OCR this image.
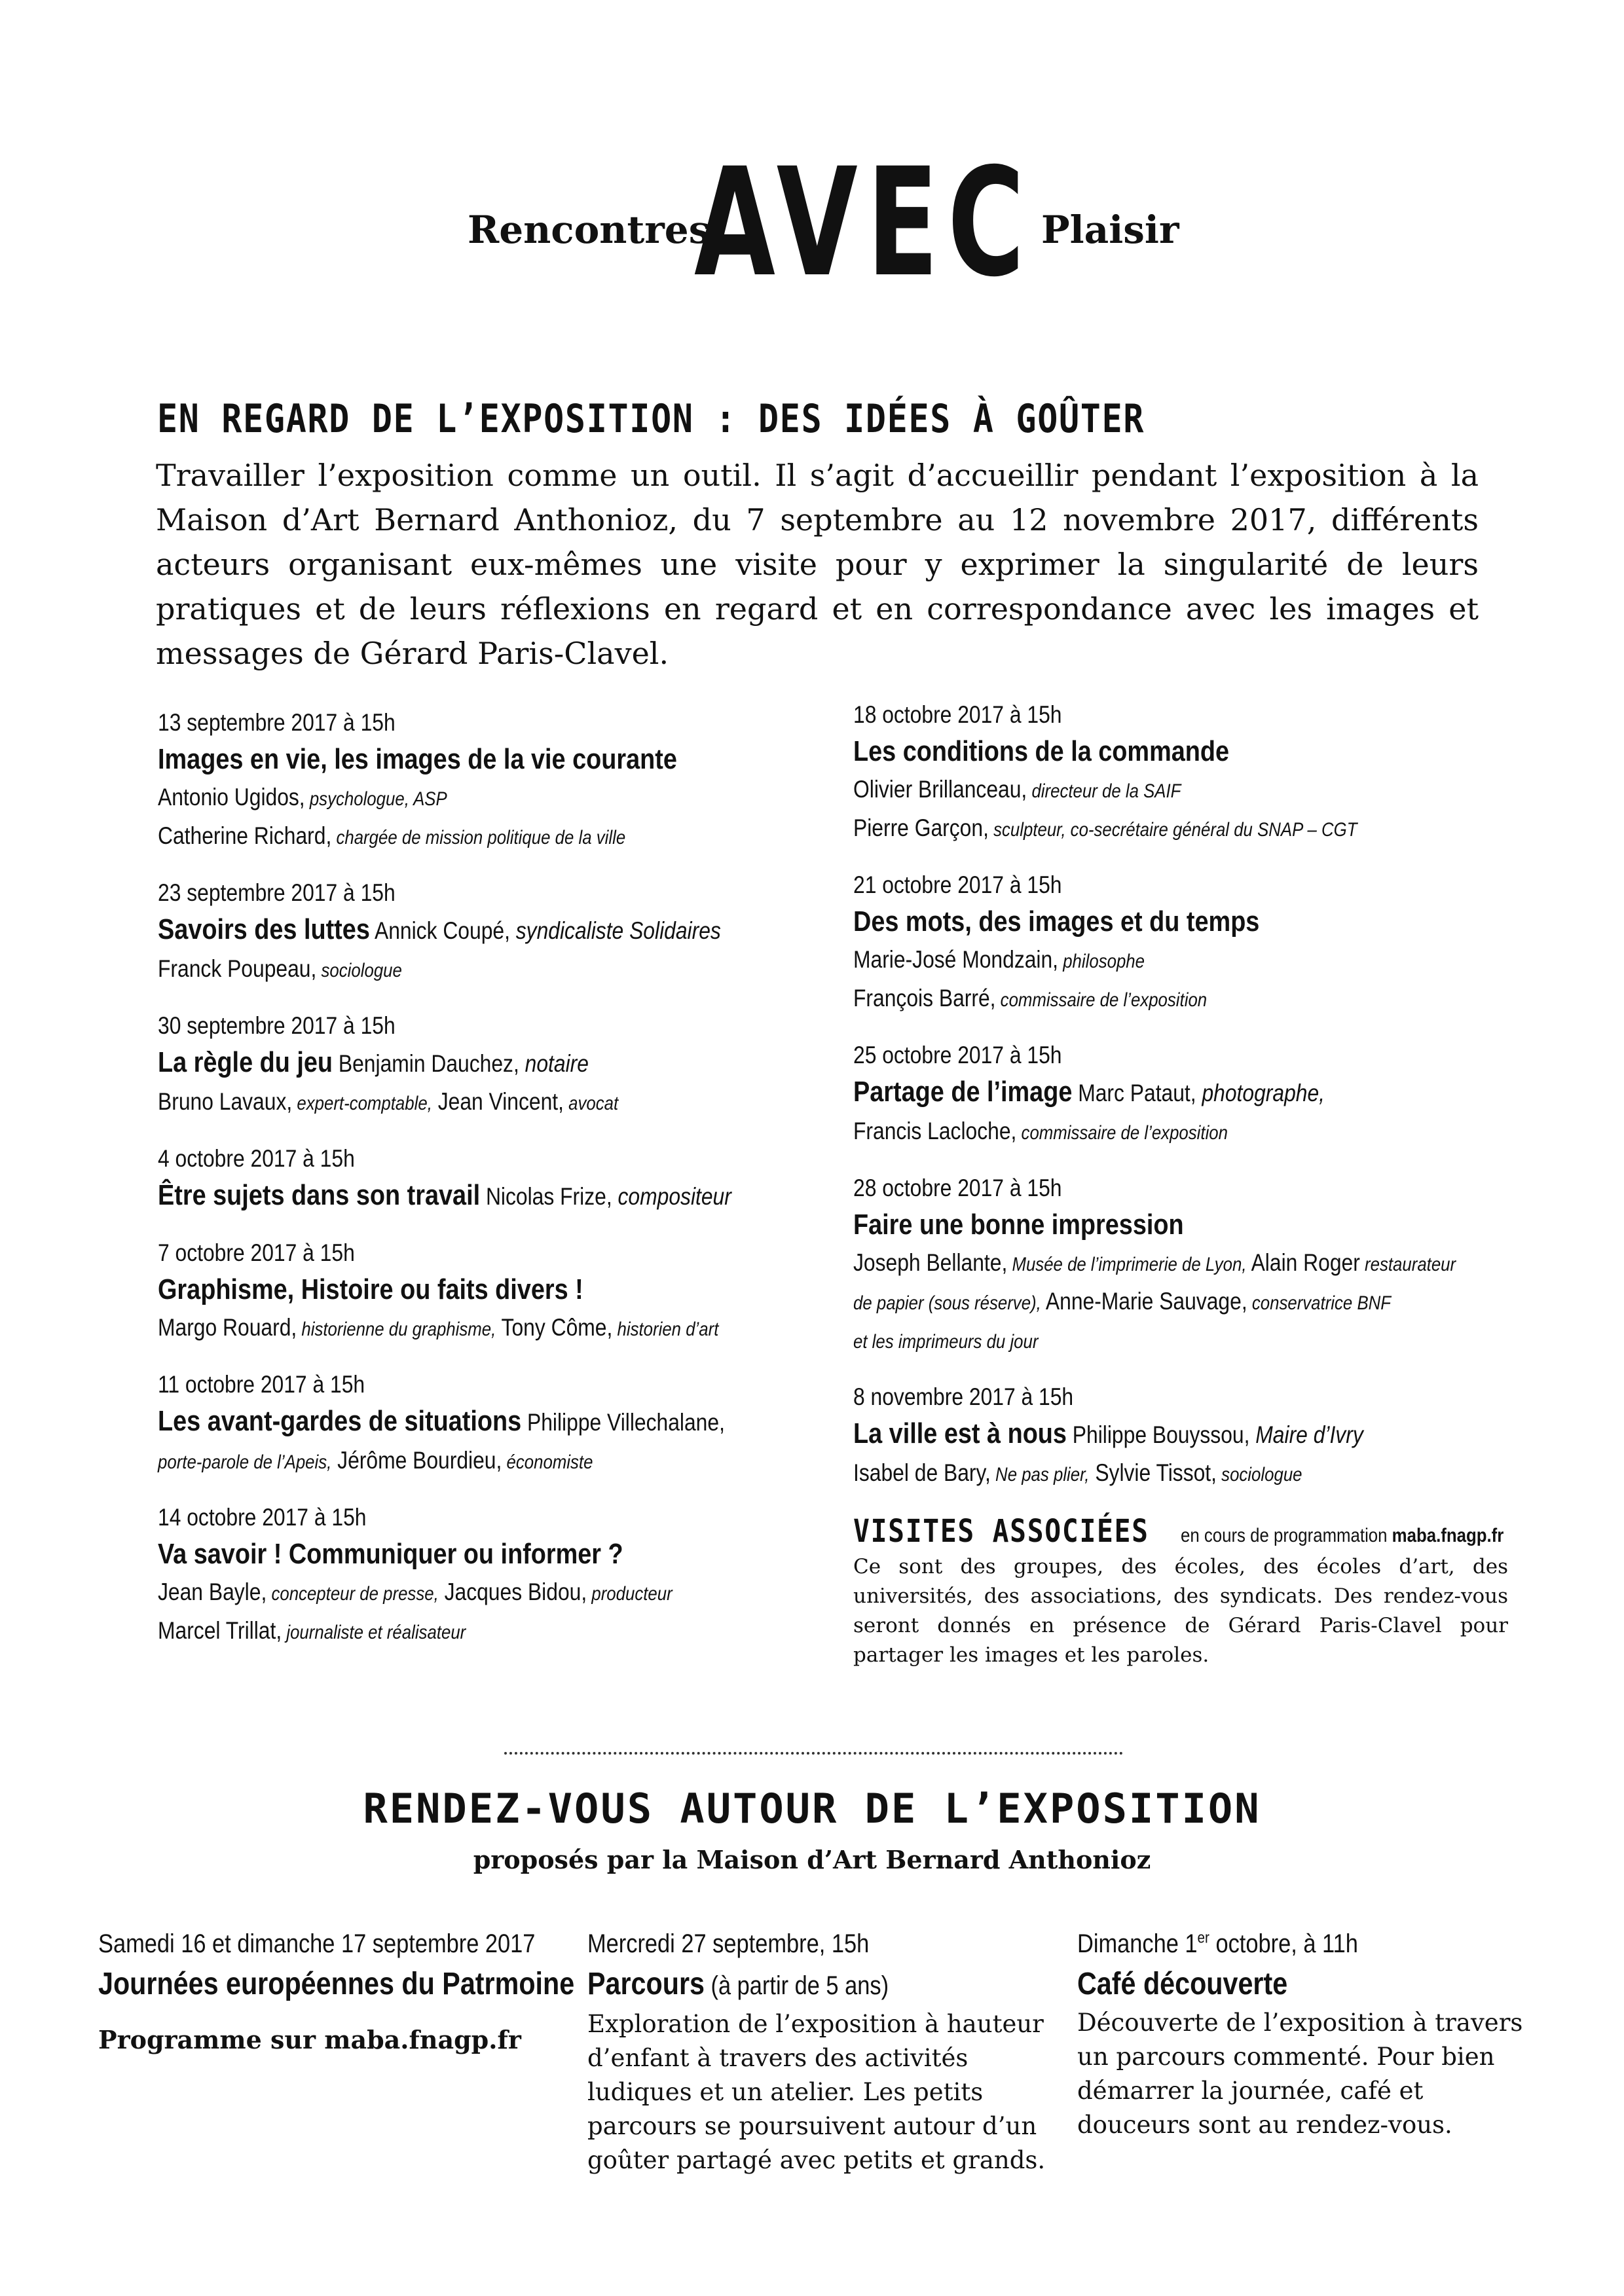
Rencontres
AVEC Plaisir
EN REGARD DE L’EXPOSITION : DES IDÉES À GOÛTER
Travailler l’exposition comme un outil. Il s’agit d’accueillir pendant l’exposition à la Maison d’Art Bernard Anthonioz, du 7 septembre au 12 novembre 2017, différents acteurs organisant eux-mêmes une visite pour y exprimer la singularité de leurs pratiques et de leurs réflexions en regard et en correspondance avec les images et messages de Gérard Paris-Clavel.
13 septembre 2017 à 15h
Images en vie, les images de la vie courante
Antonio Ugidos, psychologue, ASP
Catherine Richard, chargée de mission politique de la ville
23 septembre 2017 à 15h
Savoirs des luttes Annick Coupé, syndicaliste Solidaires
Franck Poupeau, sociologue
30 septembre 2017 à 15h
La règle du jeu Benjamin Dauchez, notaire
Bruno Lavaux, expert-comptable, Jean Vincent, avocat
4 octobre 2017 à 15h
Être sujets dans son travail Nicolas Frize, compositeur
7 octobre 2017 à 15h
Graphisme, Histoire ou faits divers !
Margo Rouard, historienne du graphisme, Tony Côme, historien d’art
11 octobre 2017 à 15h
Les avant-gardes de situations Philippe Villechalane,
porte-parole de l’Apeis, Jérôme Bourdieu, économiste
14 octobre 2017 à 15h
Va savoir ! Communiquer ou informer ?
Jean Bayle, concepteur de presse, Jacques Bidou, producteur
Marcel Trillat, journaliste et réalisateur
18 octobre 2017 à 15h
Les conditions de la commande
Olivier Brillanceau, directeur de la SAIF
Pierre Garçon, sculpteur, co-secrétaire général du SNAP – CGT
21 octobre 2017 à 15h
Des mots, des images et du temps
Marie-José Mondzain, philosophe
François Barré, commissaire de l’exposition
25 octobre 2017 à 15h
Partage de l’image Marc Pataut, photographe,
Francis Lacloche, commissaire de l’exposition
28 octobre 2017 à 15h
Faire une bonne impression
Joseph Bellante, Musée de l’imprimerie de Lyon, Alain Roger restaurateur
de papier (sous réserve), Anne-Marie Sauvage, conservatrice BNF
et les imprimeurs du jour
8 novembre 2017 à 15h
La ville est à nous Philippe Bouyssou, Maire d’Ivry
Isabel de Bary, Ne pas plier, Sylvie Tissot, sociologue
VISITES ASSOCIÉES en cours de programmation maba.fnagp.fr
Ce sont des groupes, des écoles, des écoles d’art, des universités, des associations, des syndicats. Des rendez-vous seront donnés en présence de Gérard Paris-Clavel pour partager les images et les paroles.
RENDEZ-VOUS AUTOUR DE L’EXPOSITION
proposés par la Maison d’Art Bernard Anthonioz
Samedi 16 et dimanche 17 septembre 2017
Journées européennes du Patrmoine
Programme sur maba.fnagp.fr
Mercredi 27 septembre, 15h
Parcours (à partir de 5 ans)
Exploration de l’exposition à hauteur d’enfant à travers des activités ludiques et un atelier. Les petits parcours se poursuivent autour d’un goûter partagé avec petits et grands.
Dimanche 1er octobre, à 11h
Café découverte
Découverte de l’exposition à travers un parcours commenté. Pour bien démarrer la journée, café et douceurs sont au rendez-vous.
